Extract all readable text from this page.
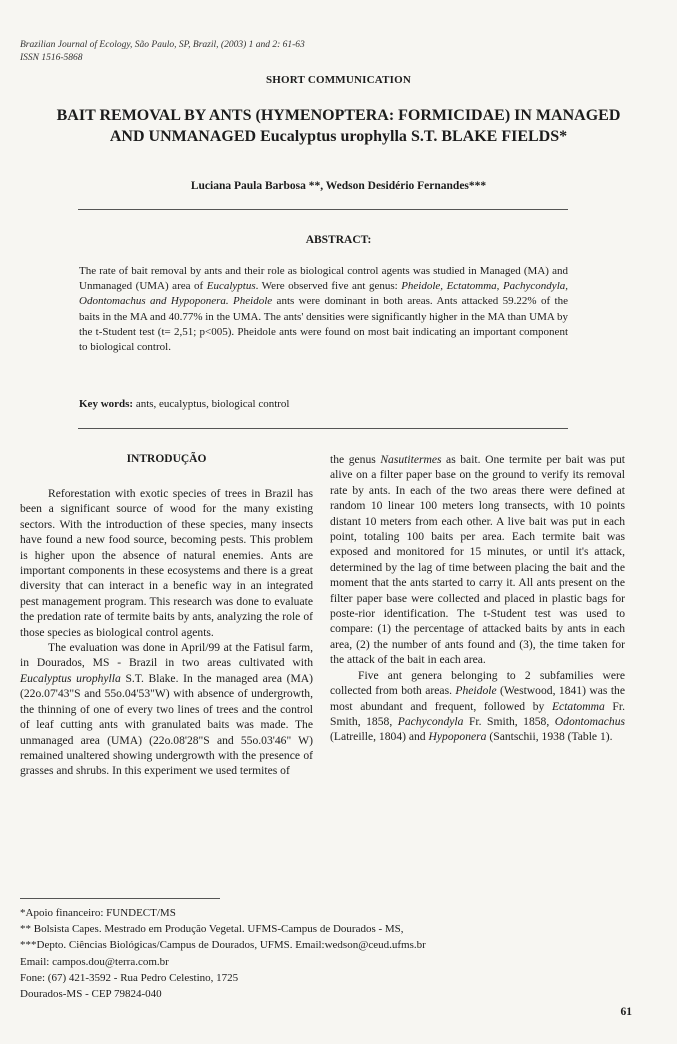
Brazilian Journal of Ecology, São Paulo, SP, Brazil, (2003) 1 and 2: 61-63
ISSN 1516-5868
SHORT COMMUNICATION
BAIT REMOVAL BY ANTS (HYMENOPTERA: FORMICIDAE) IN MANAGED
AND UNMANAGED Eucalyptus urophylla S.T. BLAKE FIELDS*
Luciana Paula Barbosa **, Wedson Desidério Fernandes***
ABSTRACT:
The rate of bait removal by ants and their role as biological control agents was studied in Managed (MA) and Unmanaged (UMA) area of Eucalyptus. Were observed five ant genus: Pheidole, Ectatomma, Pachycondyla, Odontomachus and Hypoponera. Pheidole ants were dominant in both areas. Ants attacked 59.22% of the baits in the MA and 40.77% in the UMA. The ants' densities were significantly higher in the MA than UMA by the t-Student test (t= 2,51; p<005). Pheidole ants were found on most bait indicating an important component to biological control.
Key words: ants, eucalyptus, biological control
INTRODUÇÃO

Reforestation with exotic species of trees in Brazil has been a significant source of wood for the many existing sectors. With the introduction of these species, many insects have found a new food source, becoming pests. This problem is higher upon the absence of natural enemies. Ants are important components in these ecosystems and there is a great diversity that can interact in a benefic way in an integrated pest management program. This research was done to evaluate the predation rate of termite baits by ants, analyzing the role of those species as biological control agents.

The evaluation was done in April/99 at the Fatisul farm, in Dourados, MS - Brazil in two areas cultivated with Eucalyptus urophylla S.T. Blake. In the managed area (MA) (22o.07'43"S and 55o.04'53"W) with absence of undergrowth, the thinning of one of every two lines of trees and the control of leaf cutting ants with granulated baits was made. The unmanaged area (UMA) (22o.08'28"S and 55o.03'46" W) remained unaltered showing undergrowth with the presence of grasses and shrubs. In this experiment we used termites of

the genus Nasutitermes as bait. One termite per bait was put alive on a filter paper base on the ground to verify its removal rate by ants. In each of the two areas there were defined at random 10 linear 100 meters long transects, with 10 points distant 10 meters from each other. A live bait was put in each point, totaling 100 baits per area. Each termite bait was exposed and monitored for 15 minutes, or until it's attack, determined by the lag of time between placing the bait and the moment that the ants started to carry it. All ants present on the filter paper base were collected and placed in plastic bags for poste-rior identification. The t-Student test was used to compare: (1) the percentage of attacked baits by ants in each area, (2) the number of ants found and (3), the time taken for the attack of the bait in each area.

Five ant genera belonging to 2 subfamilies were collected from both areas. Pheidole (Westwood, 1841) was the most abundant and frequent, followed by Ectatomma Fr. Smith, 1858, Pachycondyla Fr. Smith, 1858, Odontomachus (Latreille, 1804) and Hypoponera (Santschii, 1938 (Table 1).

*Apoio financeiro: FUNDECT/MS
** Bolsista Capes. Mestrado em Produção Vegetal. UFMS-Campus de Dourados - MS,
***Depto. Ciências Biológicas/Campus de Dourados, UFMS. Email:wedson@ceud.ufms.br
Email: campos.dou@terra.com.br
Fone: (67) 421-3592 - Rua Pedro Celestino, 1725
Dourados-MS - CEP 79824-040
61
